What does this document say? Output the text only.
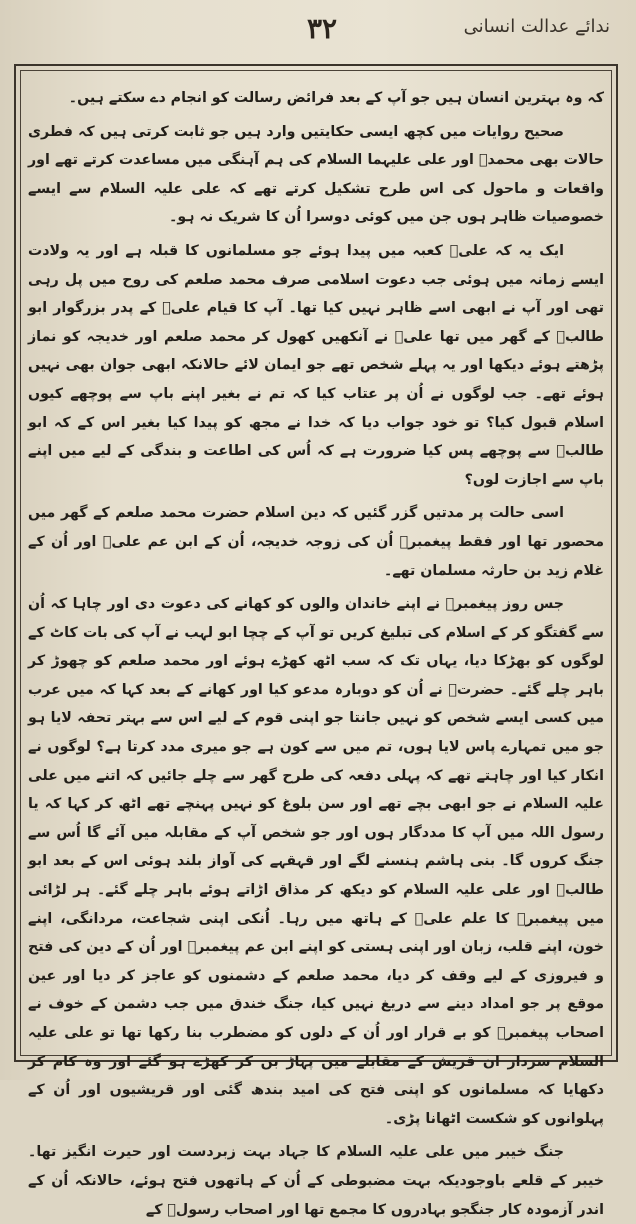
۳۲	ندائے عدالت انسانی

کہ وہ بہترین انسان ہیں جو آپ کے بعد فرائض رسالت کو انجام دے سکتے ہیں۔

صحیح روایات میں کچھ ایسی حکایتیں وارد ہیں جو ثابت کرتی ہیں کہ فطری حالات بھی محمدؐ اور علی علیہما السلام کی ہم آہنگی میں مساعدت کرتے تھے اور واقعات و ماحول کی اس طرح تشکیل کرتے تھے کہ علی علیہ السلام سے ایسے خصوصیات ظاہر ہوں جن میں کوئی دوسرا اُن کا شریک نہ ہو۔

ایک یہ کہ علیؑ کعبہ میں پیدا ہوئے جو مسلمانوں کا قبلہ ہے اور یہ ولادت ایسے زمانہ میں ہوئی جب دعوت اسلامی صرف محمد صلعم کی روح میں پل رہی تھی اور آپ نے ابھی اسے ظاہر نہیں کیا تھا۔ آپ کا قیام علیؑ کے پدر بزرگوار ابو طالبؑ کے گھر میں تھا علیؑ نے آنکھیں کھول کر محمد صلعم اور خدیجہ کو نماز پڑھتے ہوئے دیکھا اور یہ پہلے شخص تھے جو ایمان لائے حالانکہ ابھی جوان بھی نہیں ہوئے تھے۔ جب لوگوں نے اُن پر عتاب کیا کہ تم نے بغیر اپنے باپ سے پوچھے کیوں اسلام قبول کیا؟ تو خود جواب دیا کہ خدا نے مجھ کو پیدا کیا بغیر اس کے کہ ابو طالبؑ سے پوچھے پس کیا ضرورت ہے کہ اُس کی اطاعت و بندگی کے لیے میں اپنے باپ سے اجازت لوں؟

اسی حالت پر مدتیں گزر گئیں کہ دین اسلام حضرت محمد صلعم کے گھر میں محصور تھا اور فقط پیغمبرؐ اُن کی زوجہ خدیجہ، اُن کے ابن عم علیؑ اور اُن کے غلام زید بن حارثہ مسلمان تھے۔

جس روز پیغمبرؐ نے اپنے خاندان والوں کو کھانے کی دعوت دی اور چاہا کہ اُن سے گفتگو کر کے اسلام کی تبلیغ کریں تو آپ کے چچا ابو لہب نے آپ کی بات کاٹ کے لوگوں کو بھڑکا دیا، یہاں تک کہ سب اٹھ کھڑے ہوئے اور محمد صلعم کو چھوڑ کر باہر چلے گئے۔ حضرتؐ نے اُن کو دوبارہ مدعو کیا اور کھانے کے بعد کہا کہ میں عرب میں کسی ایسے شخص کو نہیں جانتا جو اپنی قوم کے لیے اس سے بہتر تحفہ لایا ہو جو میں تمہارے پاس لایا ہوں، تم میں سے کون ہے جو میری مدد کرتا ہے؟ لوگوں نے انکار کیا اور چاہتے تھے کہ پہلی دفعہ کی طرح گھر سے چلے جائیں کہ اتنے میں علی علیہ السلام نے جو ابھی بچے تھے اور سن بلوغ کو نہیں پہنچے تھے اٹھ کر کہا کہ یا رسول اللہ میں آپ کا مددگار ہوں اور جو شخص آپ کے مقابلہ میں آئے گا اُس سے جنگ کروں گا۔ بنی ہاشم ہنسنے لگے اور قہقہے کی آواز بلند ہوئی اس کے بعد ابو طالبؑ اور علی علیہ السلام کو دیکھ کر مذاق اڑاتے ہوئے باہر چلے گئے۔ ہر لڑائی میں پیغمبرؐ کا علم علیؑ کے ہاتھ میں رہا۔ اُنکی اپنی شجاعت، مردانگی، اپنے خون، اپنے قلب، زبان اور اپنی ہستی کو اپنے ابن عم پیغمبرؐ اور اُن کے دین کی فتح و فیروزی کے لیے وقف کر دیا، محمد صلعم کے دشمنوں کو عاجز کر دیا اور عین موقع پر جو امداد دینے سے دریغ نہیں کیا، جنگ خندق میں جب دشمن کے خوف نے اصحاب پیغمبرؐ کو بے قرار اور اُن کے دلوں کو مضطرب بنا رکھا تھا تو علی علیہ السلام سردار ان قریش کے مقابلے میں پہاڑ بن کر کھڑے ہو گئے اور وہ کام کر دکھایا کہ مسلمانوں کو اپنی فتح کی امید بندھ گئی اور قریشیوں اور اُن کے پہلوانوں کو شکست اٹھانا پڑی۔

جنگ خیبر میں علی علیہ السلام کا جہاد بہت زبردست اور حیرت انگیز تھا۔ خیبر کے قلعے باوجودیکہ بہت مضبوطی کے اُن کے ہاتھوں فتح ہوئے، حالانکہ اُن کے اندر آزمودہ کار جنگجو بہادروں کا مجمع تھا اور اصحاب رسولؐ کے
